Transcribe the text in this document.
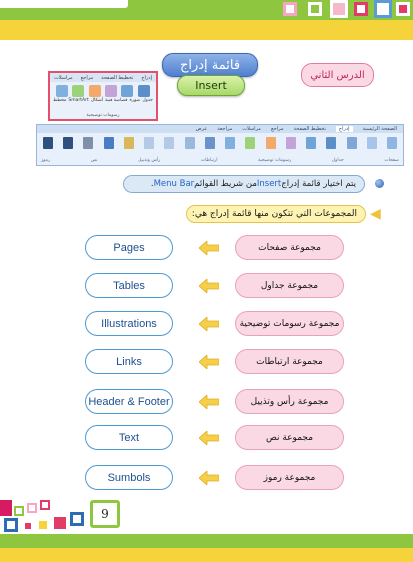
قائمة إدراج
Insert
الدرس الثاني
مراسلات مراجع تخطيط الصفحة إدراج
مخطط SmartArt أشكال قصاصة فنية صورة جدول
رسومات توضيحية
الصفحة الرئيسية
إدراج
تخطيط الصفحة
مراجع
مراسلات
مراجعة
عرض
صفحات
جداول
رسومات توضيحية
ارتباطات
رأس وتذييل
نص
رموز
يتم اختيار قائمة إدراج
Insert
من شريط القوائم
Menu Bar
.
◀
المجموعات التي تتكون منها قائمة إدراج هي:
مجموعة صفحات
Pages
مجموعة جداول
Tables
مجموعة رسومات توضيحية
Illustrations
مجموعة ارتباطات
Links
مجموعة رأس وتذييل
Header & Footer
مجموعة نص
Text
مجموعة رموز
Sumbols
9
